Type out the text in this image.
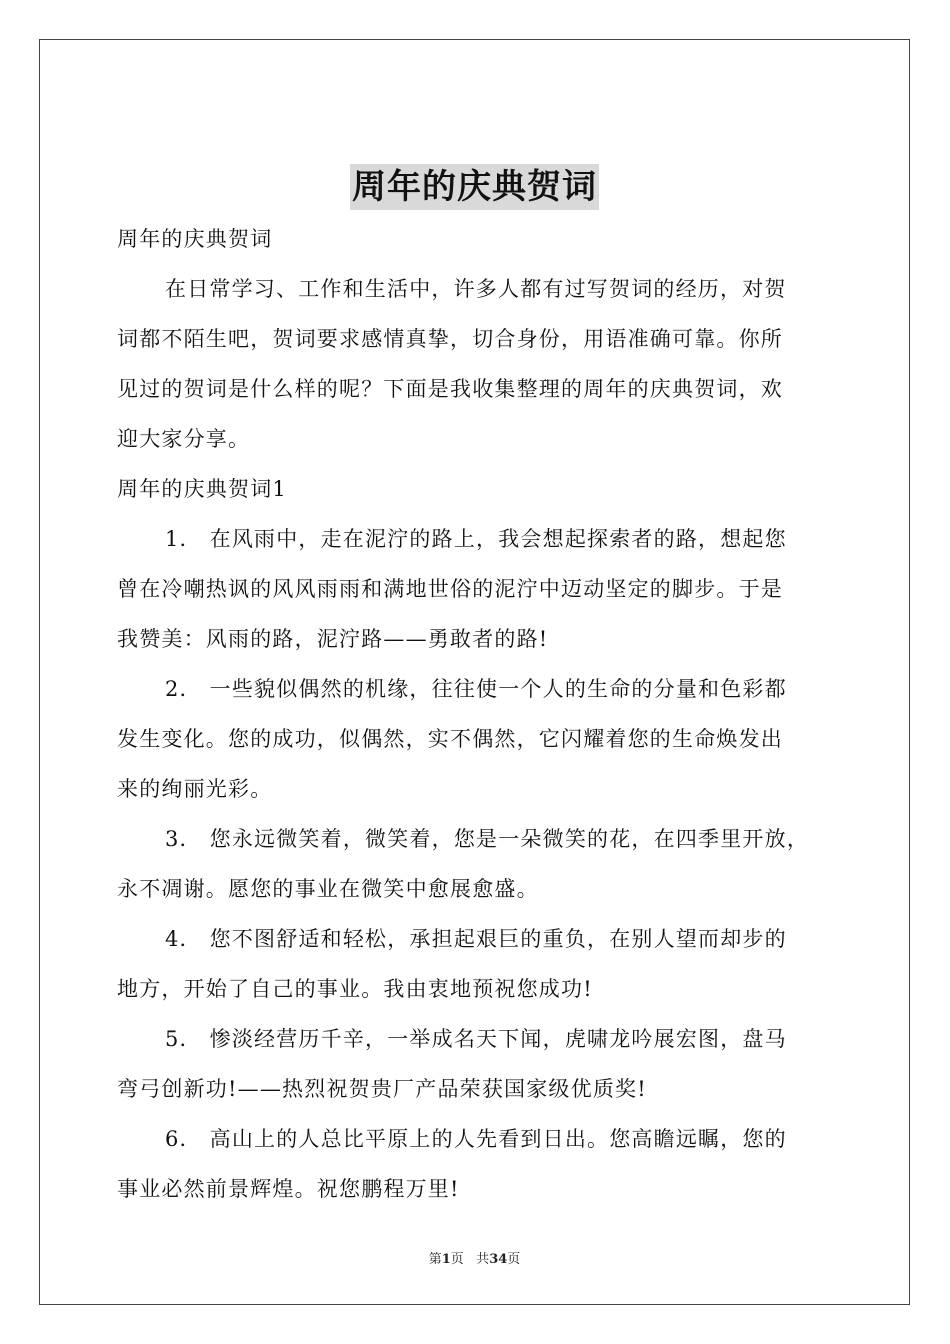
周年的庆典贺词

周年的庆典贺词

在日常学习、工作和生活中，许多人都有过写贺词的经历，对贺

词都不陌生吧，贺词要求感情真挚，切合身份，用语准确可靠。你所

见过的贺词是什么样的呢？下面是我收集整理的周年的庆典贺词，欢

迎大家分享。

周年的庆典贺词1

1． 在风雨中，走在泥泞的路上，我会想起探索者的路，想起您

曾在冷嘲热讽的风风雨雨和满地世俗的泥泞中迈动坚定的脚步。于是

我赞美：风雨的路，泥泞路——勇敢者的路!

2． 一些貌似偶然的机缘，往往使一个人的生命的分量和色彩都

发生变化。您的成功，似偶然，实不偶然，它闪耀着您的生命焕发出

来的绚丽光彩。

3． 您永远微笑着，微笑着，您是一朵微笑的花，在四季里开放，

永不凋谢。愿您的事业在微笑中愈展愈盛。

4． 您不图舒适和轻松，承担起艰巨的重负，在别人望而却步的

地方，开始了自己的事业。我由衷地预祝您成功!

5． 惨淡经营历千辛，一举成名天下闻，虎啸龙吟展宏图，盘马

弯弓创新功!——热烈祝贺贵厂产品荣获国家级优质奖!

6． 高山上的人总比平原上的人先看到日出。您高瞻远瞩，您的

事业必然前景辉煌。祝您鹏程万里!

第1页 共34页
